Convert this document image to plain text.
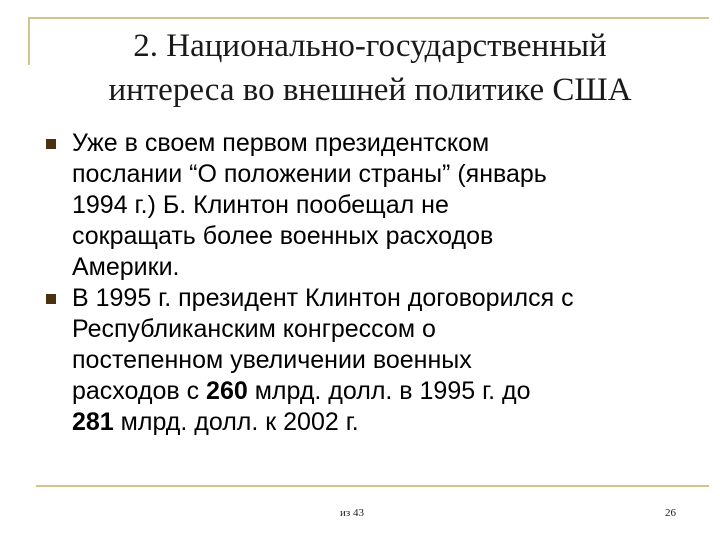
2. Национально-государственный
интереса во внешней политике США
Уже в своем первом президентском
послании “О положении страны” (январь
1994 г.) Б. Клинтон пообещал не
сокращать более военных расходов
Америки.
В 1995 г. президент Клинтон договорился с
Республиканским конгрессом о
постепенном увеличении военных
расходов с 260 млрд. долл. в 1995 г. до
281 млрд. долл. к 2002 г.
из 43	26
